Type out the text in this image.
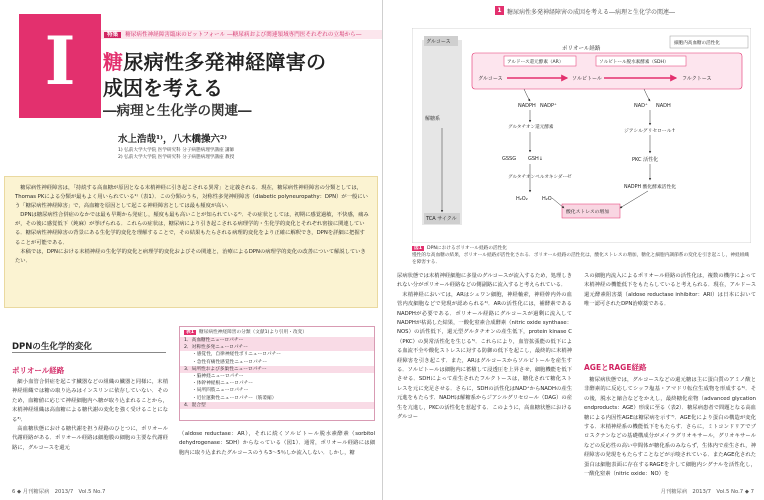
I	特集 糖尿病性神経障害臨床のピットフォール ―糖尿病および関連領域専門医それぞれの立場から―
糖尿病性多発神経障害の
成因を考える
―病理と生化学の関連―
水上浩哉¹⁾，八木橋操六²⁾
1) 弘前大学大学院 医学研究科 分子病態病理学講座 講師
2) 弘前大学大学院 医学研究科 分子病態病理学講座 教授

糖尿病性神経障害は，「持続する高血糖が原因となる末梢神経に引き起こされる異常」と定義される．現在，糖尿病性神経障害の分類としては，Thomas PKによる分類が最もよく用いられている¹⁾（表1）．この分類のうち，対称性多発神経障害（diabetic polyneuropathy：DPN）が一般にいう「糖尿病性神経障害」で，高血糖を原因として起こる神経障害としては最も頻度が高い．

DPNは糖尿病性合併症のなかでは最も早期から発症し，頻度も最も高いことが知られている²⁾．その症状としては，初期に感覚過敏，不快感，痛みが，その後に感覚低下（鈍麻）が挙げられる．これらの症状は，糖尿病により引き起こされる病理学的・生化学的変化とそれぞれ密接に関連している．糖尿病性神経障害の背景にある生化学的変化を理解することで，その結果もたらされる病理的変化をより正確に解釈でき，DPNを詳細に把握することが可能である．

本稿では，DPNにおける末梢神経の生化学的変化と病理学的変化およびその関連と，治療によるDPNの病理学的変化の改善について解説していきたい．

DPNの生化学的変化
ポリオール経路

細小血管合併症を起こす臓器などの組織の臓器と同様に，末梢神経組織では糖の取り込みはインスリンに依存していない．そのため，血糖値に応じて神経細胞内へ糖が取り込まれることから，末梢神経組織は高血糖による糖代謝の変化を強く受けることになる³⁾．

高血糖状態における糖代謝を担う経路のひとつに，ポリオール代謝経路がある．ポリオール経路は細胞膜の細胞の主要な代謝経路に，グルコースを還元

表1 糖尿病性神経障害の分類（文献1)より引用・改変）
1．高血糖性ニューロパチー
2．対称性多発ニューロパチー
・感覚性，自律神経性ポリニューロパチー
・急性有痛性感覚性ニューロパチー
3．局所性および多巣性ニューロパチー
・脳神経ニューロパチー
・体幹神経根ニューロパチー
・局所四肢ニューロパチー
・近位運動性ニューロパチー（筋萎縮）
4．混合型

（aldose reductase：AR），それに続くソルビトール脱水素酵素（sorbitol dehydrogenase：SDH）からなっている（図1）．通常，ポリオール経路には細胞内に取り込まれたグルコースのうち3～5％しか流入しない．しかし，糖

6 ◆ 月刊糖尿病　2013/7　Vol.5 No.7
1 糖尿病性多発神経障害の成因を考える―病理と生化学の関連―
グルコース
解糖系
TCA サイクル
細胞内高血糖の活性化
ポリオール経路
アルドース還元酵素（AR）	ソルビトール脱水素酵素（SDH）
グルコース	ソルビトール	フルクトース
NADPH NADP⁺
グルタチオン還元酵素
GSSG GSH↓
グルタチオンペルオキシダーゼ
H₂O₂	H₂O
NAD⁺ NADH
ジアシルグリセロール↑
PKC 活性化
NADPH 酸化酵素活性化
酸化ストレスの増加
図1 DPNにおけるポリオール経路の活性化
慢性的な高血糖の結果，ポリオール経路が活性化される．ポリオール経路の活性化は，酸化ストレスの増加，糖化と細胞内調節系の変化を引き起こし，神経組織を障害する．

尿病状態では末梢神経細胞に多量のグルコースが流入するため，処理しきれない分がポリオール経路などの側副路に流入すると考えられている．

末梢神経においては，ARはシュワン細胞，神経軸索，神経幹内外の血管内皮細胞などで発現が認められる⁴⁾．ARの活性化には，補酵素であるNADPHが必要である．ポリオール経路にグルコースが過剰に流入してNADPHが枯渇した結果，一酸化窒素合成酵素（nitric oxide synthase：NOS）の活性低下，還元型グルタチオンの産生低下，protein kinase C（PKC）の異常活性化を生じる⁵⁾．これらにより，血管拡張能の低下による血流不全や酸化ストレスに対する防御の低下を起こし，最終的に末梢神経障害を引き起こす．また，ARはグルコースからソルビトールを産生する．ソルビトールは細胞内に蓄積して浸透圧を上昇させ，細胞機能を低下させる．SDHによって産生されたフルクトースは，糖化されて糖化ストレスを元に充足させる．さらに，SDHの活性化はNAD⁺からNADHの産生元進をもたらす．NADHは解糖系からジアシルグリセロール（DAG）の産生を亢進し，PKCの活性化を惹起する．このように，高血糖状態におけるグルコー

スの細胞内流入によるポリオール経路の活性化は，複数の機序によって末梢神経の機能低下をもたらしていると考えられる．現在，アルドース還元酵素阻害薬（aldose reductase inhibitor：ARI）は日本において唯一認可されたDPN治療薬である．

AGEとRAGE経路

糖尿病状態では，グルコースなどの還元糖は主に蛋白質のアミノ酸と非酵素的に反応してシッフ塩基・アマドリ転位生成物を形成する⁶⁾．その後，脱水と縮合などをかえし，最終糖化産物（advanced glycation endproducts：AGE）形成に至る（表2）．糖尿病患者で問題となる高血糖による内因性AGEは糖尿病を示す⁷⁾．AGE化により蛋白の構造が変化する．末梢神経系の機能低下をもたらす．さらに，ミトコンドリアでブロスクナンなどの基礎構成分がメイラグリオキサール，グリオキサールなどの反応性の高い中間体が糖化系のみならず，生体内で産生され，神経障害の発現をもたらすことなどが示唆されている．またAGE化された蛋白は細胞表面に存在するRAGEを介して細胞内シグナルを活性化し，一酸化窒素（nitric oxide：NO）を

月刊糖尿病　2013/7　Vol.5 No.7 ◆ 7
